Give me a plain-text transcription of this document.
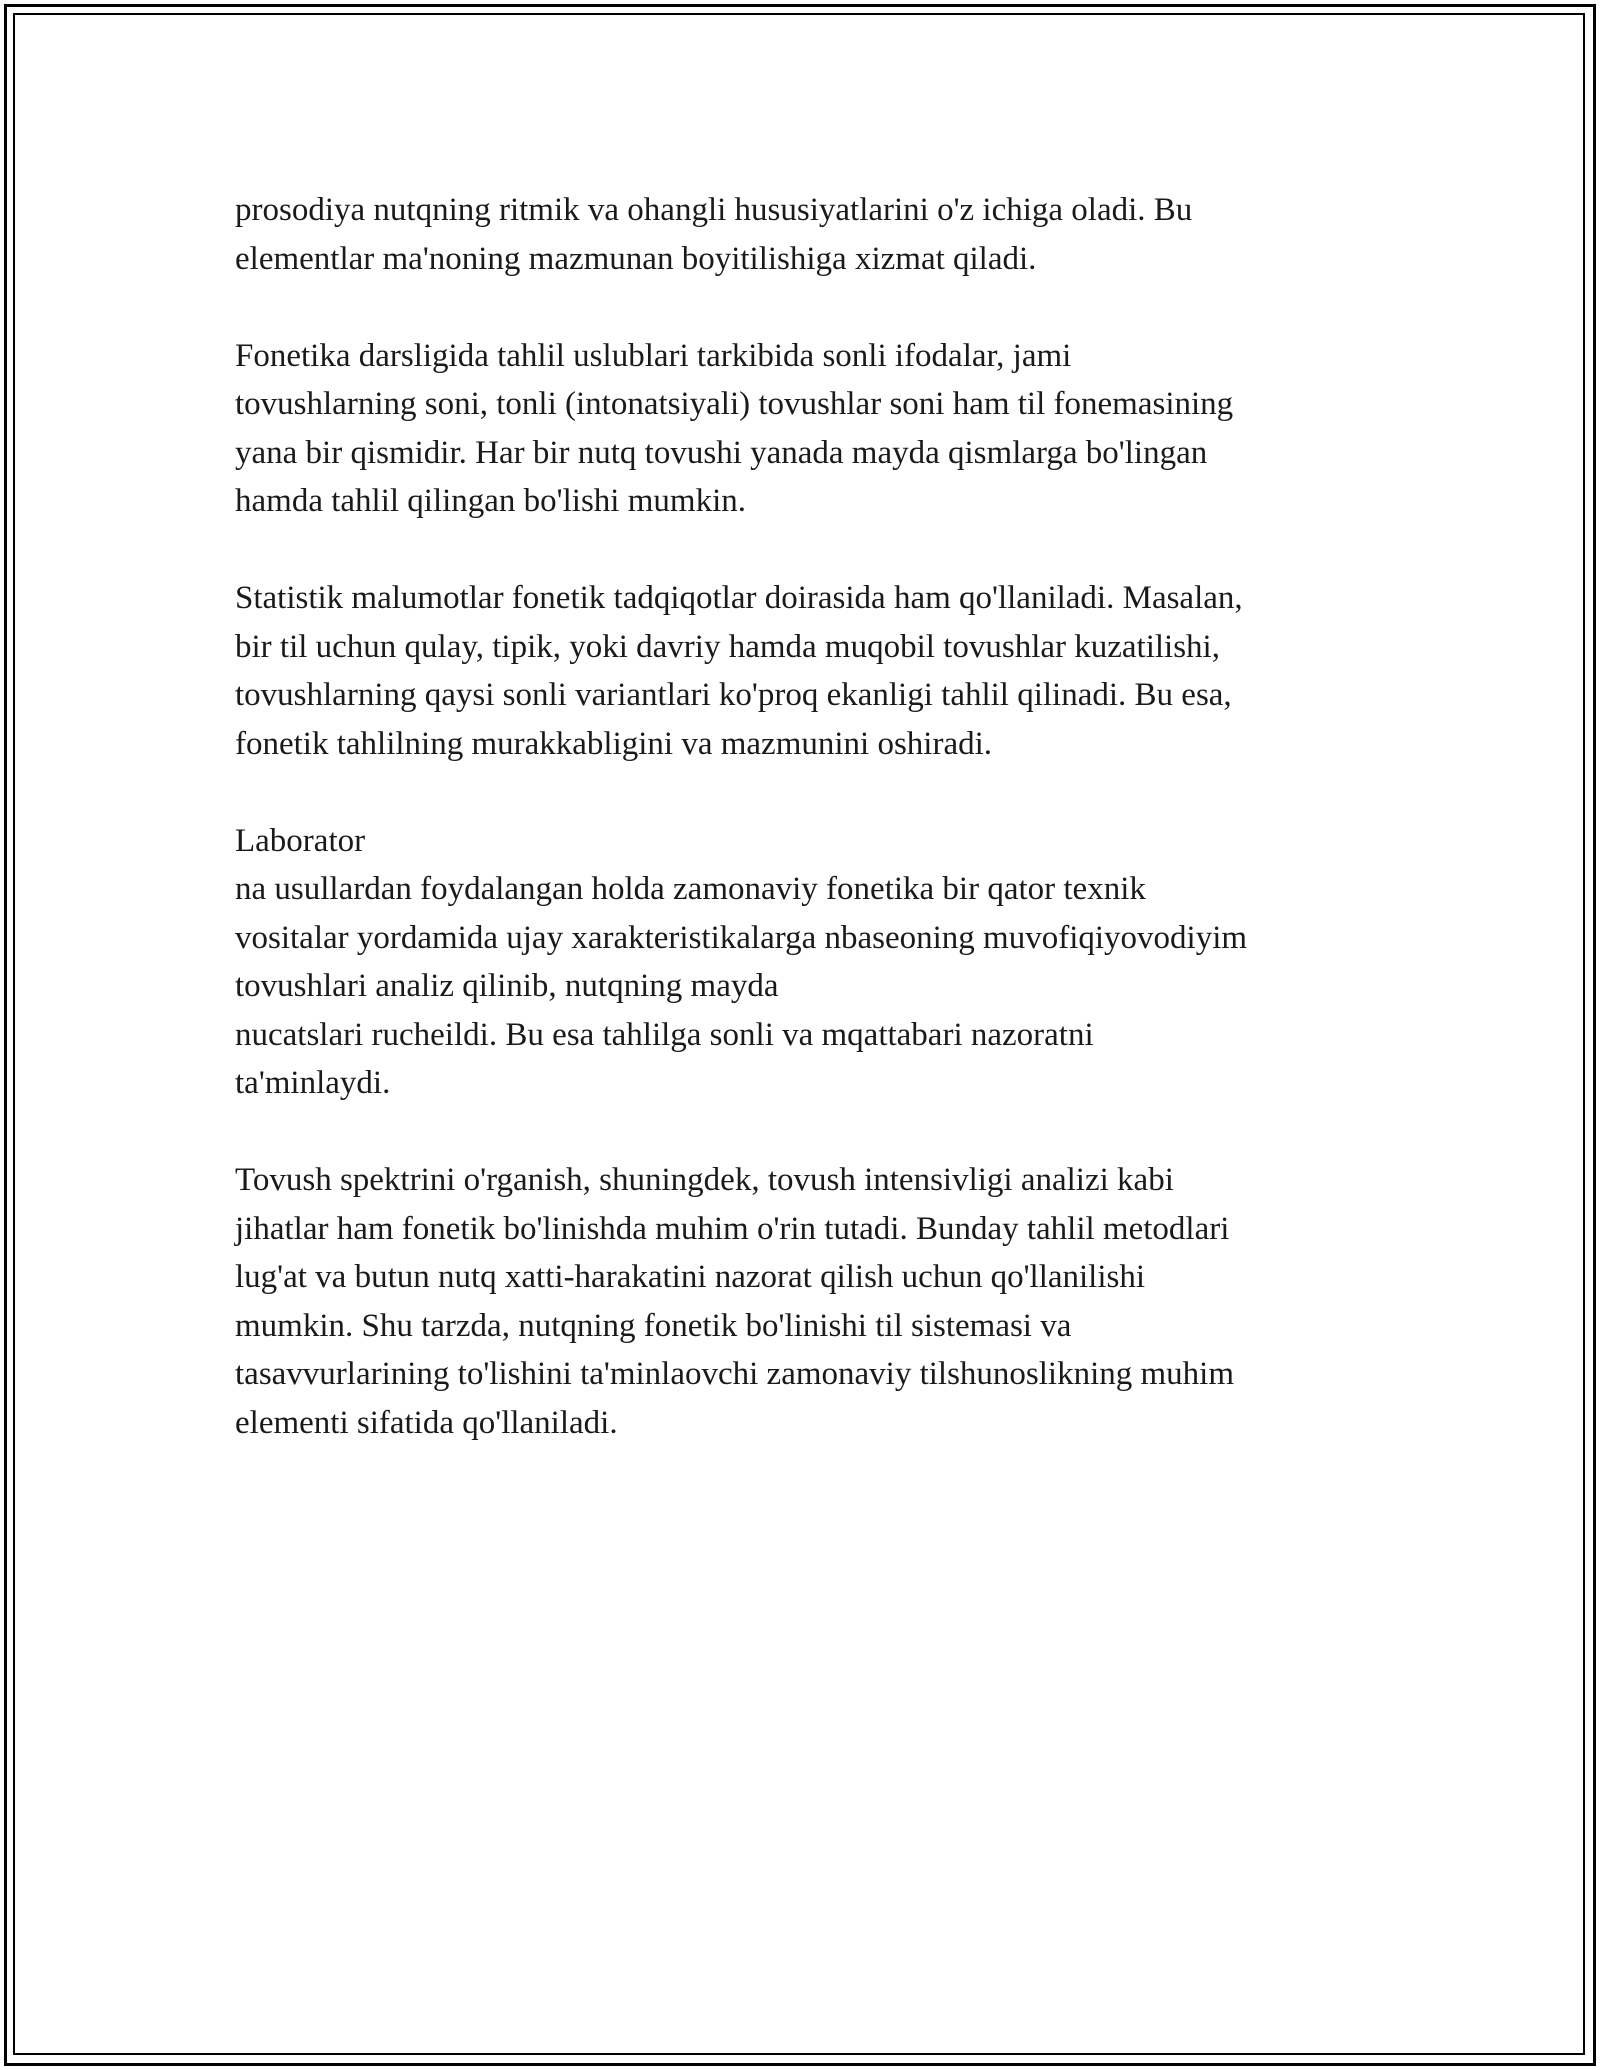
prosodiya nutqning ritmik va ohangli hususiyatlarini o'z ichiga oladi. Bu
elementlar ma'noning mazmunan boyitilishiga xizmat qiladi.

Fonetika darsligida tahlil uslublari tarkibida sonli ifodalar, jami
tovushlarning soni, tonli (intonatsiyali) tovushlar soni ham til fonemasining
yana bir qismidir. Har bir nutq tovushi yanada mayda qismlarga bo'lingan
hamda tahlil qilingan bo'lishi mumkin.

Statistik malumotlar fonetik tadqiqotlar doirasida ham qo'llaniladi. Masalan,
bir til uchun qulay, tipik, yoki davriy hamda muqobil tovushlar kuzatilishi,
tovushlarning qaysi sonli variantlari ko'proq ekanligi tahlil qilinadi. Bu esa,
fonetik tahlilning murakkabligini va mazmunini oshiradi.

Laborator
na usullardan foydalangan holda zamonaviy fonetika bir qator texnik
vositalar yordamida ujay xarakteristikalarga nbaseoning muvofiqiyovodiyim
tovushlari analiz qilinib, nutqning mayda
nucatslari rucheildi. Bu esa tahlilga sonli va mqattabari nazoratni
ta'minlaydi.

Tovush spektrini o'rganish, shuningdek, tovush intensivligi analizi kabi
jihatlar ham fonetik bo'linishda muhim o'rin tutadi. Bunday tahlil metodlari
lug'at va butun nutq xatti-harakatini nazorat qilish uchun qo'llanilishi
mumkin. Shu tarzda, nutqning fonetik bo'linishi til sistemasi va
tasavvurlarining to'lishini ta'minlaovchi zamonaviy tilshunoslikning muhim
elementi sifatida qo'llaniladi.
